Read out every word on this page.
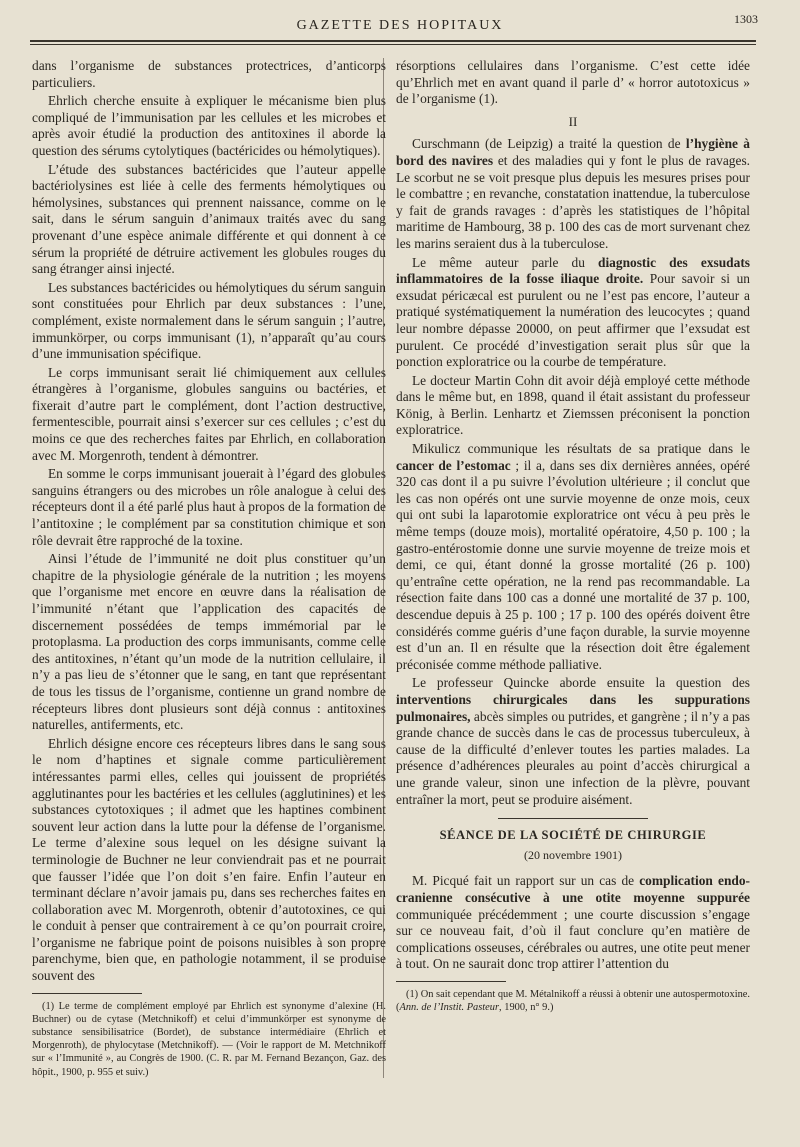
GAZETTE DES HOPITAUX	1303

dans l’organisme de substances protectrices, d’anticorps particuliers.

Ehrlich cherche ensuite à expliquer le mécanisme bien plus compliqué de l’immunisation par les cellules et les microbes et après avoir étudié la production des antitoxines il aborde la question des sérums cytolytiques (bactéricides ou hémolytiques).

L’étude des substances bactéricides que l’auteur appelle bactériolysines est liée à celle des ferments hémolytiques ou hémolysines, substances qui prennent naissance, comme on le sait, dans le sérum sanguin d’animaux traités avec du sang provenant d’une espèce animale différente et qui donnent à ce sérum la propriété de détruire activement les globules rouges du sang étranger ainsi injecté.

Les substances bactéricides ou hémolytiques du sérum sanguin sont constituées pour Ehrlich par deux substances : l’une, complément, existe normalement dans le sérum sanguin ; l’autre, immunkörper, ou corps immunisant (1), n’apparaît qu’au cours d’une immunisation spécifique.

Le corps immunisant serait lié chimiquement aux cellules étrangères à l’organisme, globules sanguins ou bactéries, et fixerait d’autre part le complément, dont l’action destructive, fermentescible, pourrait ainsi s’exercer sur ces cellules ; c’est du moins ce que des recherches faites par Ehrlich, en collaboration avec M. Morgenroth, tendent à démontrer.

En somme le corps immunisant jouerait à l’égard des globules sanguins étrangers ou des microbes un rôle analogue à celui des récepteurs dont il a été parlé plus haut à propos de la formation de l’antitoxine ; le complément par sa constitution chimique et son rôle devrait être rapproché de la toxine.

Ainsi l’étude de l’immunité ne doit plus constituer qu’un chapitre de la physiologie générale de la nutrition ; les moyens que l’organisme met encore en œuvre dans la réalisation de l’immunité n’étant que l’application des capacités de discernement possédées de temps immémorial par le protoplasma. La production des corps immunisants, comme celle des antitoxines, n’étant qu’un mode de la nutrition cellulaire, il n’y a pas lieu de s’étonner que le sang, en tant que représentant de tous les tissus de l’organisme, contienne un grand nombre de récepteurs libres dont plusieurs sont déjà connus : antitoxines naturelles, antiferments, etc.

Ehrlich désigne encore ces récepteurs libres dans le sang sous le nom d’haptines et signale comme particulièrement intéressantes parmi elles, celles qui jouissent de propriétés agglutinantes pour les bactéries et les cellules (agglutinines) et les substances cytotoxiques ; il admet que les haptines combinent souvent leur action dans la lutte pour la défense de l’organisme. Le terme d’alexine sous lequel on les désigne suivant la terminologie de Buchner ne leur conviendrait pas et ne pourrait que fausser l’idée que l’on doit s’en faire. Enfin l’auteur en terminant déclare n’avoir jamais pu, dans ses recherches faites en collaboration avec M. Morgenroth, obtenir d’autotoxines, ce qui le conduit à penser que contrairement à ce qu’on pourrait croire, l’organisme ne fabrique point de poisons nuisibles à son propre parenchyme, bien que, en pathologie notamment, il se produise souvent des

(1) Le terme de complément employé par Ehrlich est synonyme d’alexine (H. Buchner) ou de cytase (Metchnikoff) et celui d’immunkörper est synonyme de substance sensibilisatrice (Bordet), de substance intermédiaire (Ehrlich et Morgenroth), de phylocytase (Metchnikoff). — (Voir le rapport de M. Metchnikoff sur « l’Immunité », au Congrès de 1900. (C. R. par M. Fernand Bezançon, Gaz. des hôpit., 1900, p. 955 et suiv.)

résorptions cellulaires dans l’organisme. C’est cette idée qu’Ehrlich met en avant quand il parle d’ « horror autotoxicus » de l’organisme (1).

II

Curschmann (de Leipzig) a traité la question de l’hygiène à bord des navires et des maladies qui y font le plus de ravages. Le scorbut ne se voit presque plus depuis les mesures prises pour le combattre ; en revanche, constatation inattendue, la tuberculose y fait de grands ravages : d’après les statistiques de l’hôpital maritime de Hambourg, 38 p. 100 des cas de mort survenant chez les marins seraient dus à la tuberculose.

Le même auteur parle du diagnostic des exsudats inflammatoires de la fosse iliaque droite. Pour savoir si un exsudat péricæcal est purulent ou ne l’est pas encore, l’auteur a pratiqué systématiquement la numération des leucocytes ; quand leur nombre dépasse 20000, on peut affirmer que l’exsudat est purulent. Ce procédé d’investigation serait plus sûr que la ponction exploratrice ou la courbe de température.

Le docteur Martin Cohn dit avoir déjà employé cette méthode dans le même but, en 1898, quand il était assistant du professeur König, à Berlin. Lenhartz et Ziemssen préconisent la ponction exploratrice.

Mikulicz communique les résultats de sa pratique dans le cancer de l’estomac ; il a, dans ses dix dernières années, opéré 320 cas dont il a pu suivre l’évolution ultérieure ; il conclut que les cas non opérés ont une survie moyenne de onze mois, ceux qui ont subi la laparotomie exploratrice ont vécu à peu près le même temps (douze mois), mortalité opératoire, 4,50 p. 100 ; la gastro-entérostomie donne une survie moyenne de treize mois et demi, ce qui, étant donné la grosse mortalité (26 p. 100) qu’entraîne cette opération, ne la rend pas recommandable. La résection faite dans 100 cas a donné une mortalité de 37 p. 100, descendue depuis à 25 p. 100 ; 17 p. 100 des opérés doivent être considérés comme guéris d’une façon durable, la survie moyenne est d’un an. Il en résulte que la résection doit être également préconisée comme méthode palliative.

Le professeur Quincke aborde ensuite la question des interventions chirurgicales dans les suppurations pulmonaires, abcès simples ou putrides, et gangrène ; il n’y a pas grande chance de succès dans le cas de processus tuberculeux, à cause de la difficulté d’enlever toutes les parties malades. La présence d’adhérences pleurales au point d’accès chirurgical a une grande valeur, sinon une infection de la plèvre, pouvant entraîner la mort, peut se produire aisément.

SÉANCE DE LA SOCIÉTÉ DE CHIRURGIE
(20 novembre 1901)

M. Picqué fait un rapport sur un cas de complication endo-cranienne consécutive à une otite moyenne suppurée communiquée précédemment ; une courte discussion s’engage sur ce nouveau fait, d’où il faut conclure qu’en matière de complications osseuses, cérébrales ou autres, une otite peut mener à tout. On ne saurait donc trop attirer l’attention du

(1) On sait cependant que M. Métalnikoff a réussi à obtenir une autospermotoxine. (Ann. de l’Instit. Pasteur, 1900, n° 9.)
